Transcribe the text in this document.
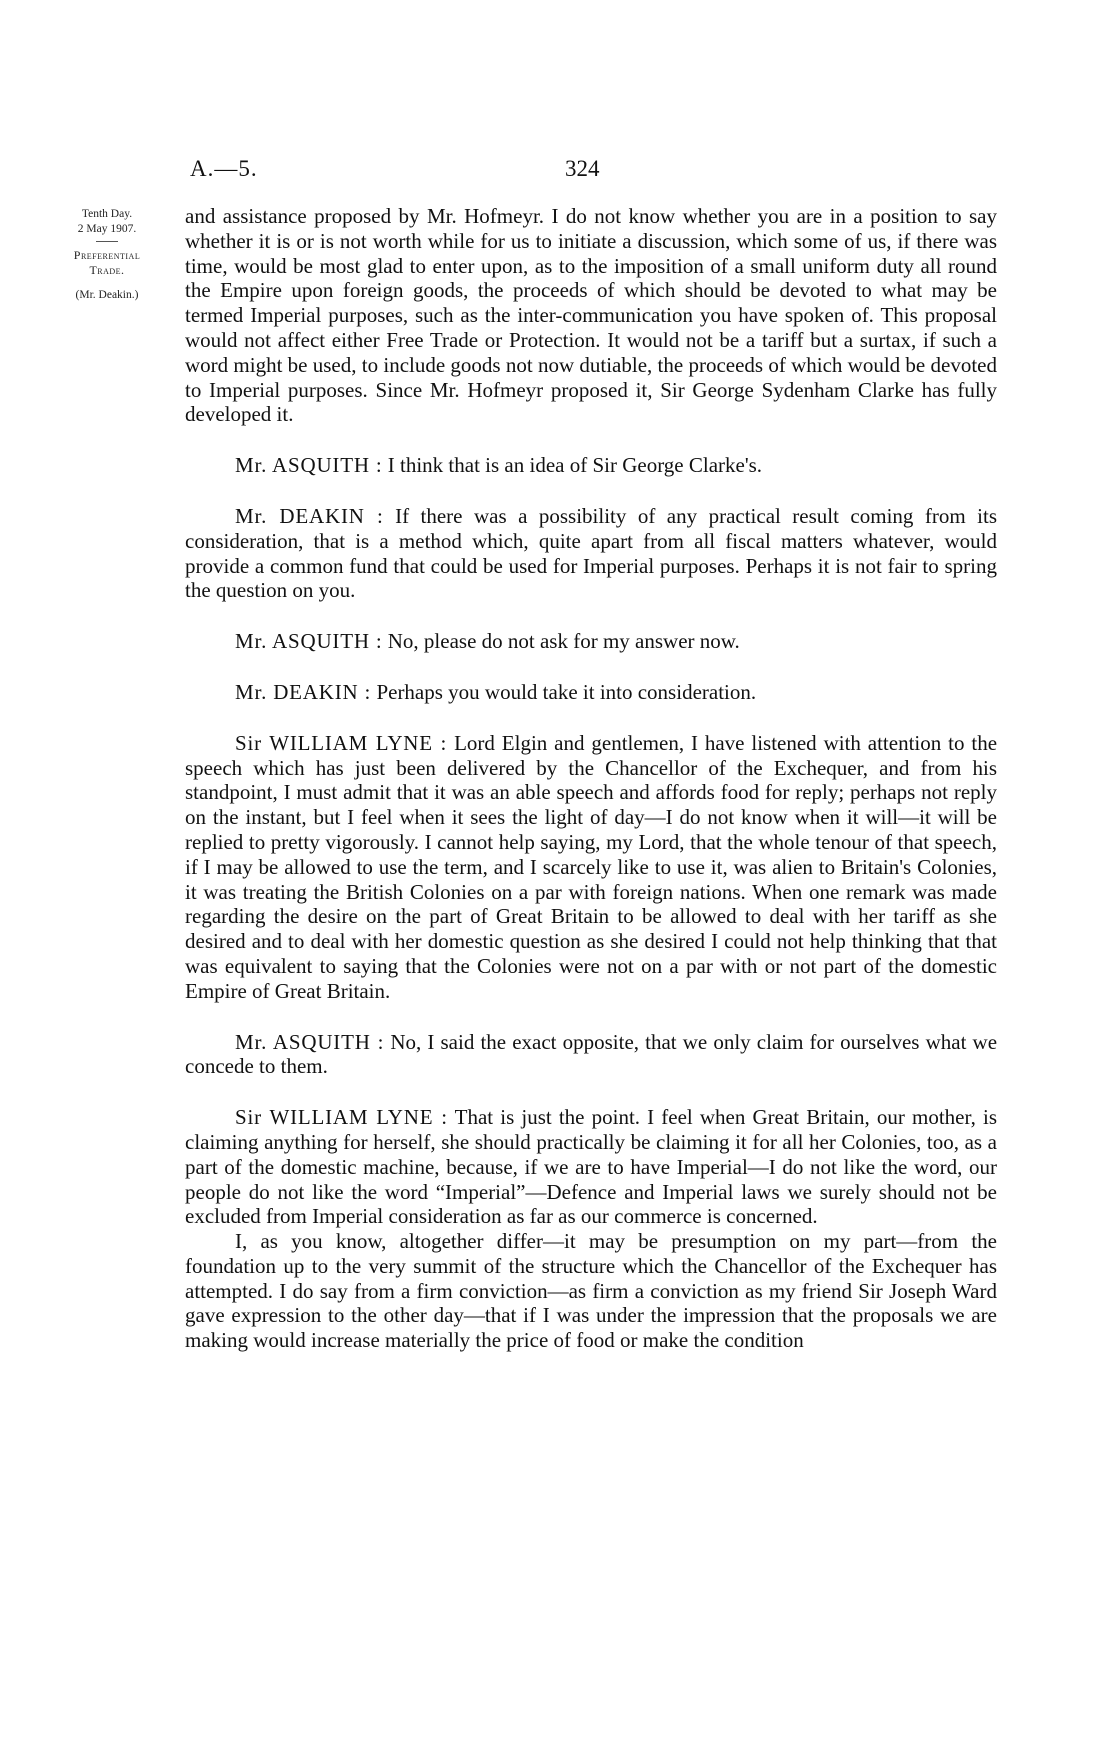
A.—5.	324
Tenth Day.
2 May 1907.
Preferential
Trade.
(Mr. Deakin.)

and assistance proposed by Mr. Hofmeyr. I do not know whether you are in a position to say whether it is or is not worth while for us to initiate a discussion, which some of us, if there was time, would be most glad to enter upon, as to the imposition of a small uniform duty all round the Empire upon foreign goods, the proceeds of which should be devoted to what may be termed Imperial purposes, such as the inter-communication you have spoken of. This proposal would not affect either Free Trade or Protection. It would not be a tariff but a surtax, if such a word might be used, to include goods not now dutiable, the proceeds of which would be devoted to Imperial purposes. Since Mr. Hofmeyr proposed it, Sir George Sydenham Clarke has fully developed it.

Mr. ASQUITH : I think that is an idea of Sir George Clarke's.

Mr. DEAKIN : If there was a possibility of any practical result coming from its consideration, that is a method which, quite apart from all fiscal matters whatever, would provide a common fund that could be used for Imperial purposes. Perhaps it is not fair to spring the question on you.

Mr. ASQUITH : No, please do not ask for my answer now.

Mr. DEAKIN : Perhaps you would take it into consideration.

Sir WILLIAM LYNE : Lord Elgin and gentlemen, I have listened with attention to the speech which has just been delivered by the Chancellor of the Exchequer, and from his standpoint, I must admit that it was an able speech and affords food for reply; perhaps not reply on the instant, but I feel when it sees the light of day—I do not know when it will—it will be replied to pretty vigorously. I cannot help saying, my Lord, that the whole tenour of that speech, if I may be allowed to use the term, and I scarcely like to use it, was alien to Britain's Colonies, it was treating the British Colonies on a par with foreign nations. When one remark was made regarding the desire on the part of Great Britain to be allowed to deal with her tariff as she desired and to deal with her domestic question as she desired I could not help thinking that that was equivalent to saying that the Colonies were not on a par with or not part of the domestic Empire of Great Britain.

Mr. ASQUITH : No, I said the exact opposite, that we only claim for ourselves what we concede to them.

Sir WILLIAM LYNE : That is just the point. I feel when Great Britain, our mother, is claiming anything for herself, she should practically be claiming it for all her Colonies, too, as a part of the domestic machine, because, if we are to have Imperial—I do not like the word, our people do not like the word “Imperial”—Defence and Imperial laws we surely should not be excluded from Imperial consideration as far as our commerce is concerned.

I, as you know, altogether differ—it may be presumption on my part—from the foundation up to the very summit of the structure which the Chancellor of the Exchequer has attempted. I do say from a firm conviction—as firm a conviction as my friend Sir Joseph Ward gave expression to the other day—that if I was under the impression that the proposals we are making would increase materially the price of food or make the condition
